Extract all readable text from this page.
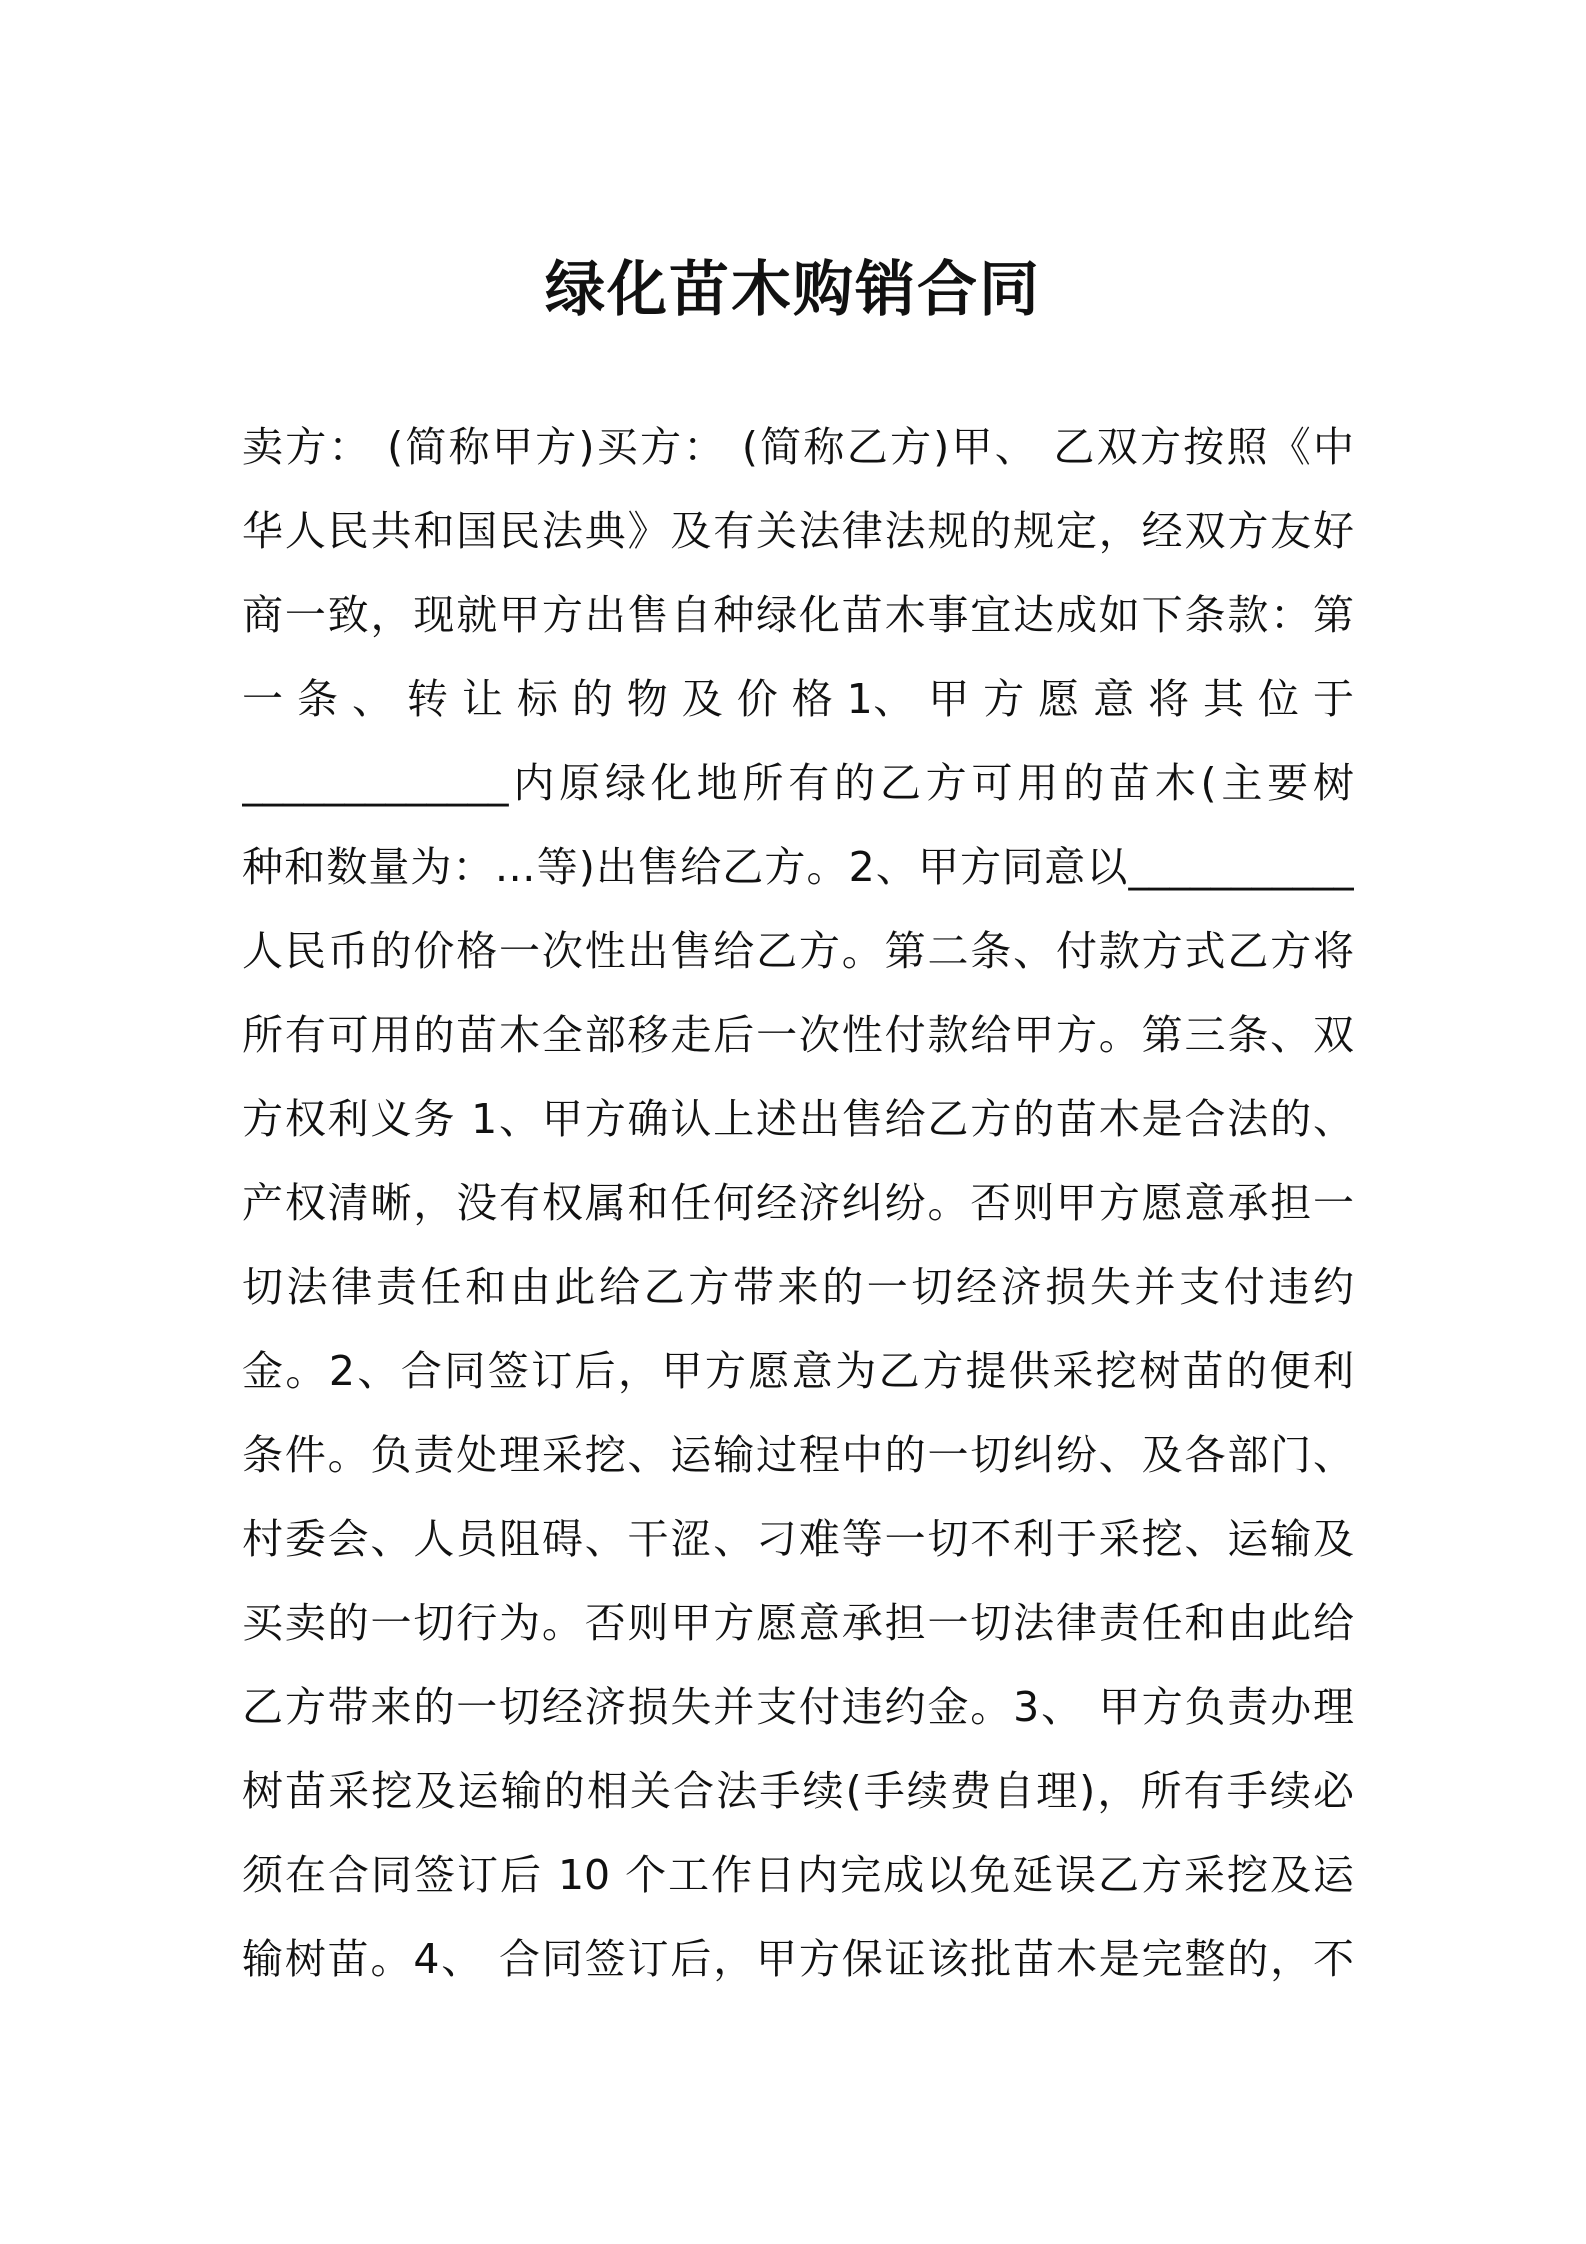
绿化苗木购销合同
卖方： (简称甲方)买方： (简称乙方)甲、 乙双方按照《中
华人民共和国民法典》及有关法律法规的规定，经双方友好
商一致，现就甲方出售自种绿化苗木事宜达成如下条款：第
一 条 、 转 让 标 的 物 及 价 格 1、 甲 方 愿 意 将 其 位 于
_____________内原绿化地所有的乙方可用的苗木(主要树
种和数量为：…等)出售给乙方。2、甲方同意以___________
人民币的价格一次性出售给乙方。第二条、付款方式乙方将
所有可用的苗木全部移走后一次性付款给甲方。第三条、双
方权利义务 1、甲方确认上述出售给乙方的苗木是合法的、
产权清晰，没有权属和任何经济纠纷。否则甲方愿意承担一
切法律责任和由此给乙方带来的一切经济损失并支付违约
金。2、合同签订后，甲方愿意为乙方提供采挖树苗的便利
条件。负责处理采挖、运输过程中的一切纠纷、及各部门、
村委会、人员阻碍、干涩、刁难等一切不利于采挖、运输及
买卖的一切行为。否则甲方愿意承担一切法律责任和由此给
乙方带来的一切经济损失并支付违约金。3、 甲方负责办理
树苗采挖及运输的相关合法手续(手续费自理)，所有手续必
须在合同签订后 10 个工作日内完成以免延误乙方采挖及运
输树苗。4、 合同签订后，甲方保证该批苗木是完整的，不
